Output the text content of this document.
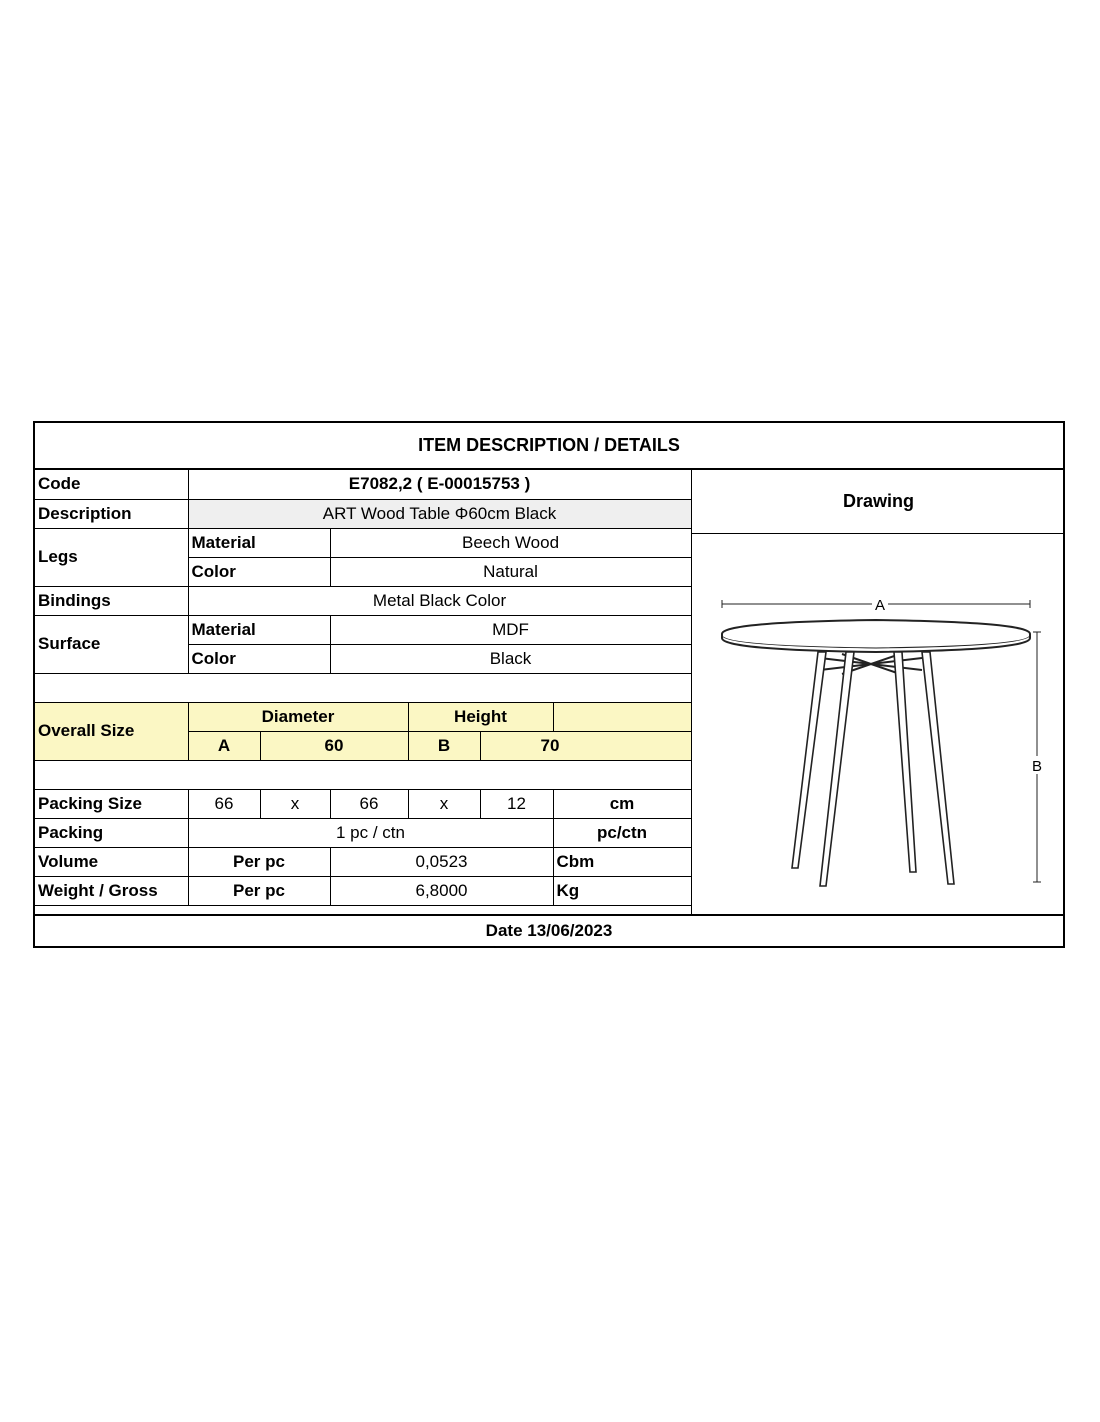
ITEM DESCRIPTION / DETAILS
Code	E7082,2 ( E-00015753 )					
Description	ART Wood Table Φ60cm Black					
Legs	Material		Beech Wood			
	Color		Natural			
Bindings	Metal Black Color					
Surface	Material		MDF			
	Color		Black			

Overall Size	Diameter			Height		
	A	60		B	70	

Packing Size	66	x	66	x	12	cm
Packing	1 pc / ctn					pc/ctn
Volume	Per pc		0,0523			Cbm
Weight / Gross	Per pc		6,8000			Kg
Drawing
A
B
Date 13/06/2023
